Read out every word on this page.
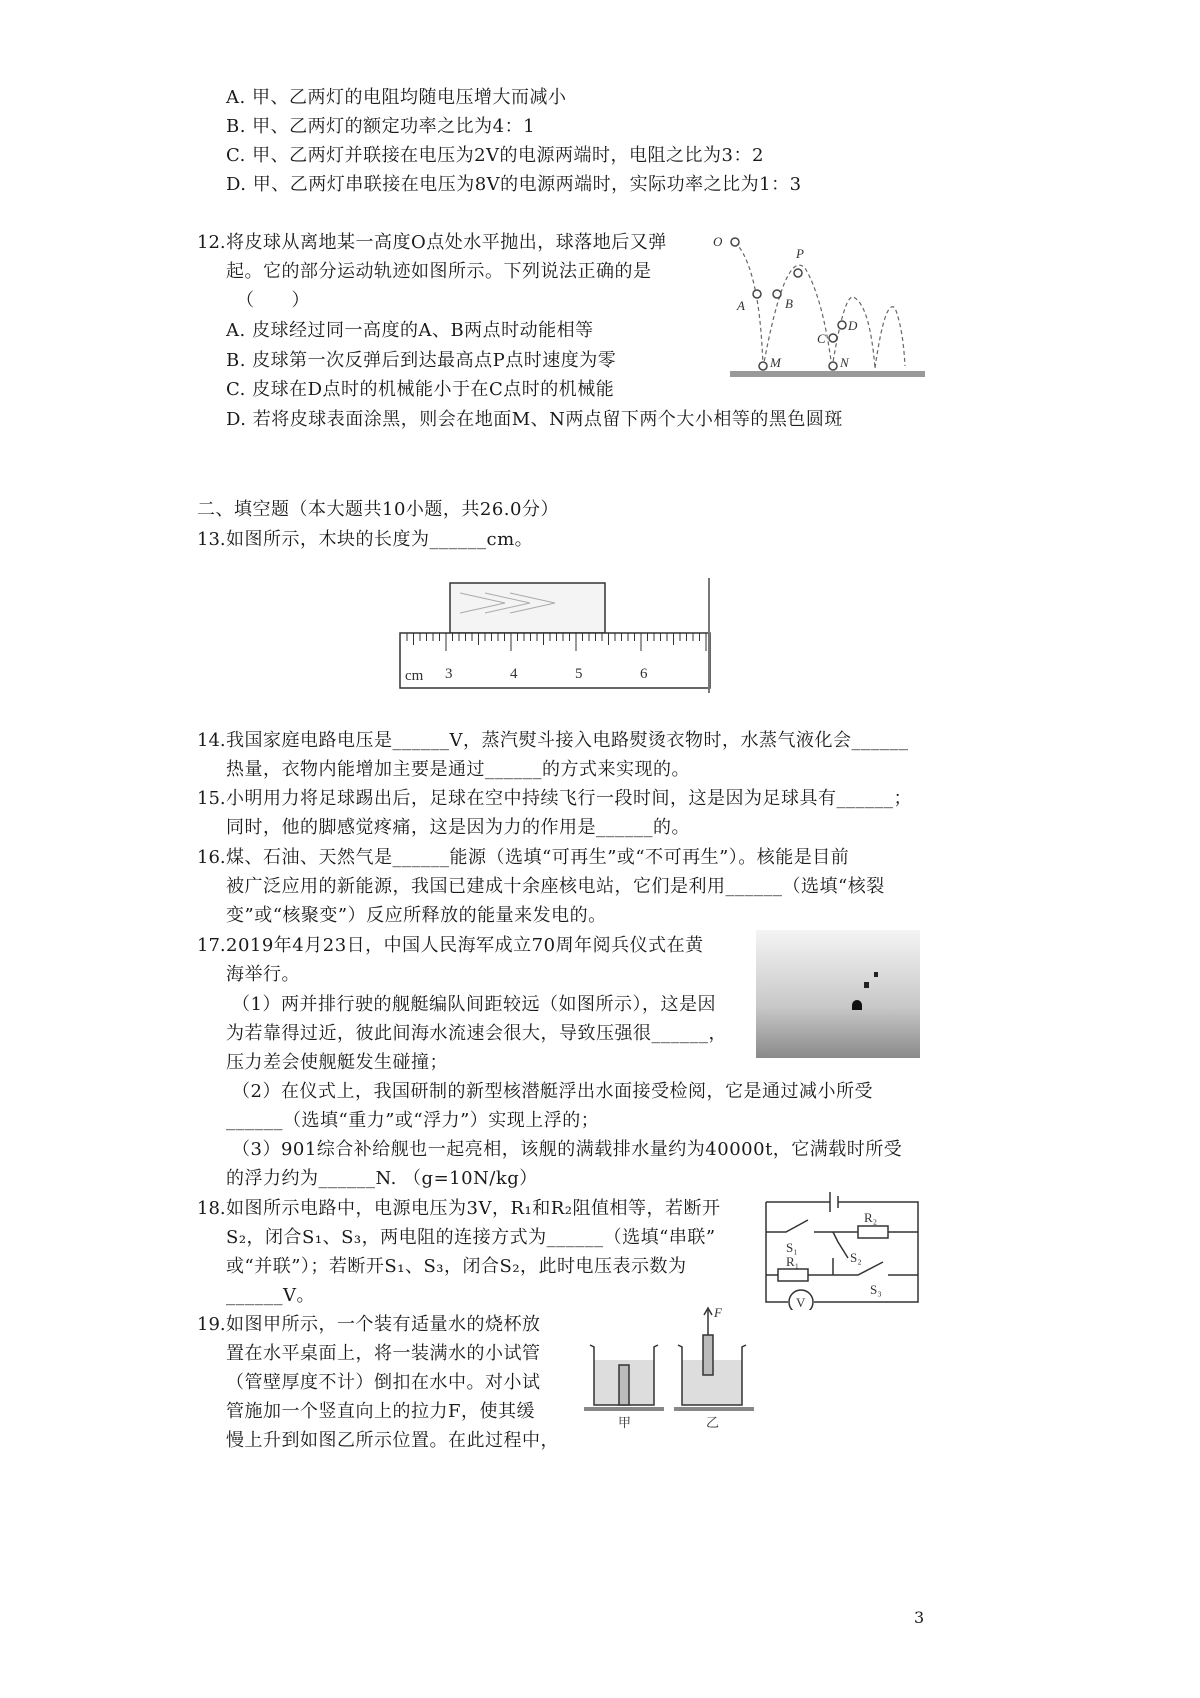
A. 甲、乙两灯的电阻均随电压增大而减小
B. 甲、乙两灯的额定功率之比为4：1
C. 甲、乙两灯并联接在电压为2V的电源两端时，电阻之比为3：2
D. 甲、乙两灯串联接在电压为8V的电源两端时，实际功率之比为1：3
12. 将皮球从离地某一高度O点处水平抛出，球落地后又弹
起。它的部分运动轨迹如图所示。下列说法正确的是
（　　）
A. 皮球经过同一高度的A、B两点时动能相等
B. 皮球第一次反弹后到达最高点P点时速度为零
C. 皮球在D点时的机械能小于在C点时的机械能
D. 若将皮球表面涂黑，则会在地面M、N两点留下两个大小相等的黑色圆斑
二、填空题（本大题共10小题，共26.0分）
13. 如图所示，木块的长度为______cm。
14. 我国家庭电路电压是______V，蒸汽熨斗接入电路熨烫衣物时，水蒸气液化会______
热量，衣物内能增加主要是通过______的方式来实现的。
15. 小明用力将足球踢出后，足球在空中持续飞行一段时间，这是因为足球具有______；
同时，他的脚感觉疼痛，这是因为力的作用是______的。
16. 煤、石油、天然气是______能源（选填“可再生”或“不可再生”）。核能是目前
被广泛应用的新能源，我国已建成十余座核电站，它们是利用______（选填“核裂
变”或“核聚变”）反应所释放的能量来发电的。
17. 2019年4月23日，中国人民海军成立70周年阅兵仪式在黄
海举行。
（1）两并排行驶的舰艇编队间距较远（如图所示），这是因
为若靠得过近，彼此间海水流速会很大，导致压强很______，
压力差会使舰艇发生碰撞；
（2）在仪式上，我国研制的新型核潜艇浮出水面接受检阅，它是通过减小所受
______（选填“重力”或“浮力”）实现上浮的；
（3）901综合补给舰也一起亮相，该舰的满载排水量约为40000t，它满载时所受
的浮力约为______N. （g=10N/kg）
18. 如图所示电路中，电源电压为3V，R₁和R₂阻值相等，若断开
S₂，闭合S₁、S₃，两电阻的连接方式为______（选填“串联”
或“并联”）；若断开S₁、S₃，闭合S₂，此时电压表示数为
______V。
19. 如图甲所示，一个装有适量水的烧杯放
置在水平桌面上，将一装满水的小试管
（管壁厚度不计）倒扣在水中。对小试
管施加一个竖直向上的拉力F，使其缓
慢上升到如图乙所示位置。在此过程中，
O
P
A	B
C
D
M	N
cm 3	4	5	6
R₂
S₁
S₂
R₁
S₃
V
F
甲	乙
3
